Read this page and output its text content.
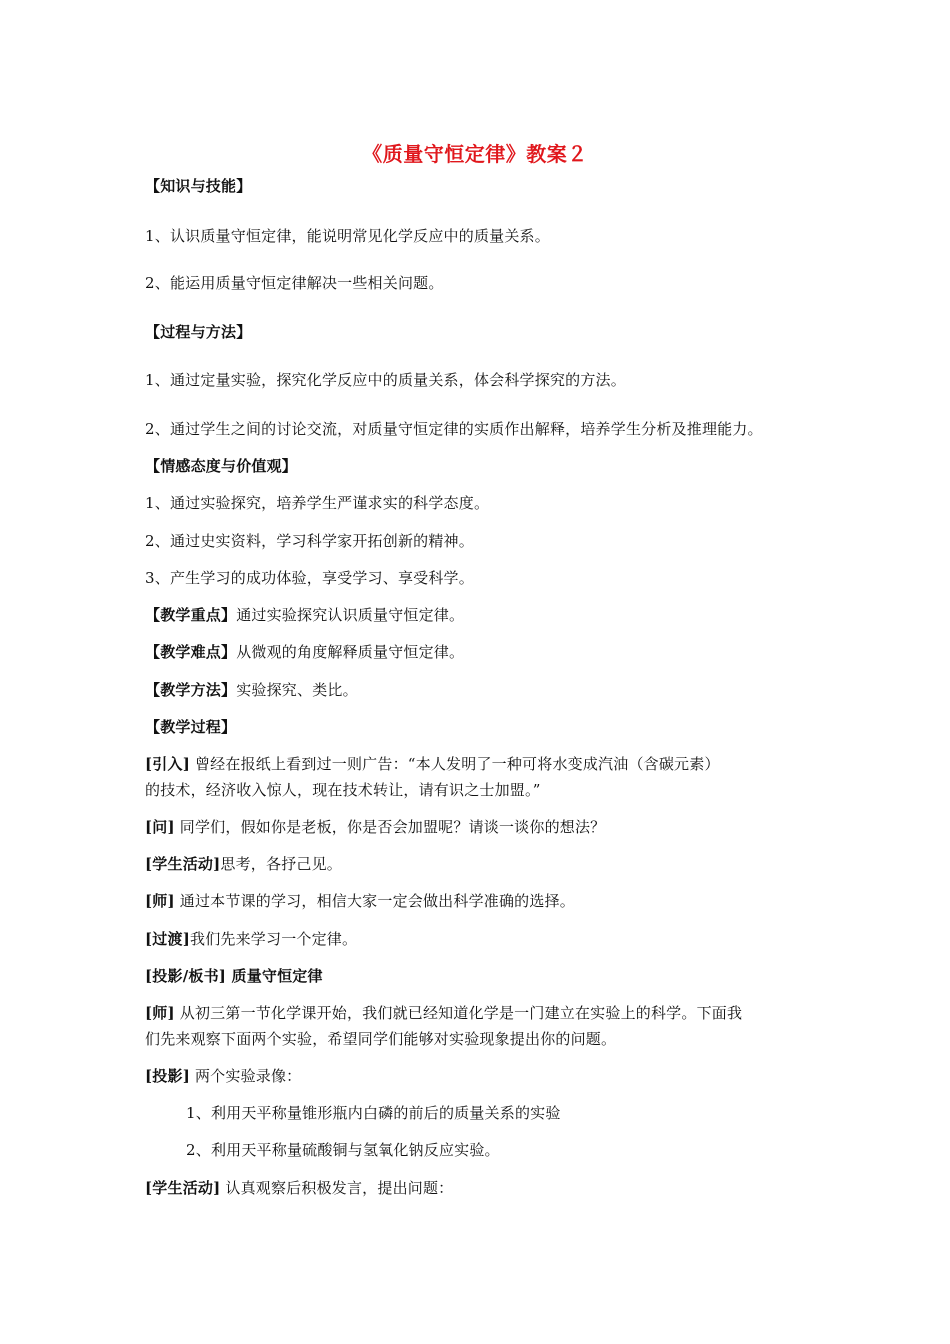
《质量守恒定律》教案２
【知识与技能】
1、认识质量守恒定律，能说明常见化学反应中的质量关系。
2、能运用质量守恒定律解决一些相关问题。
【过程与方法】
1、通过定量实验，探究化学反应中的质量关系，体会科学探究的方法。
2、通过学生之间的讨论交流，对质量守恒定律的实质作出解释，培养学生分析及推理能力。
【情感态度与价值观】
1、通过实验探究，培养学生严谨求实的科学态度。
2、通过史实资料，学习科学家开拓创新的精神。
3、产生学习的成功体验，享受学习、享受科学。
【教学重点】通过实验探究认识质量守恒定律。
【教学难点】从微观的角度解释质量守恒定律。
【教学方法】实验探究、类比。
【教学过程】
[引入] 曾经在报纸上看到过一则广告：“本人发明了一种可将水变成汽油（含碳元素）
的技术，经济收入惊人，现在技术转让，请有识之士加盟。”
[问] 同学们，假如你是老板，你是否会加盟呢？请谈一谈你的想法？
[学生活动]思考，各抒己见。
[师] 通过本节课的学习，相信大家一定会做出科学准确的选择。
[过渡]我们先来学习一个定律。
[投影/板书] 质量守恒定律
[师] 从初三第一节化学课开始，我们就已经知道化学是一门建立在实验上的科学。下面我
们先来观察下面两个实验，希望同学们能够对实验现象提出你的问题。
[投影] 两个实验录像：
1、利用天平称量锥形瓶内白磷的前后的质量关系的实验
2、利用天平称量硫酸铜与氢氧化钠反应实验。
[学生活动] 认真观察后积极发言，提出问题：
